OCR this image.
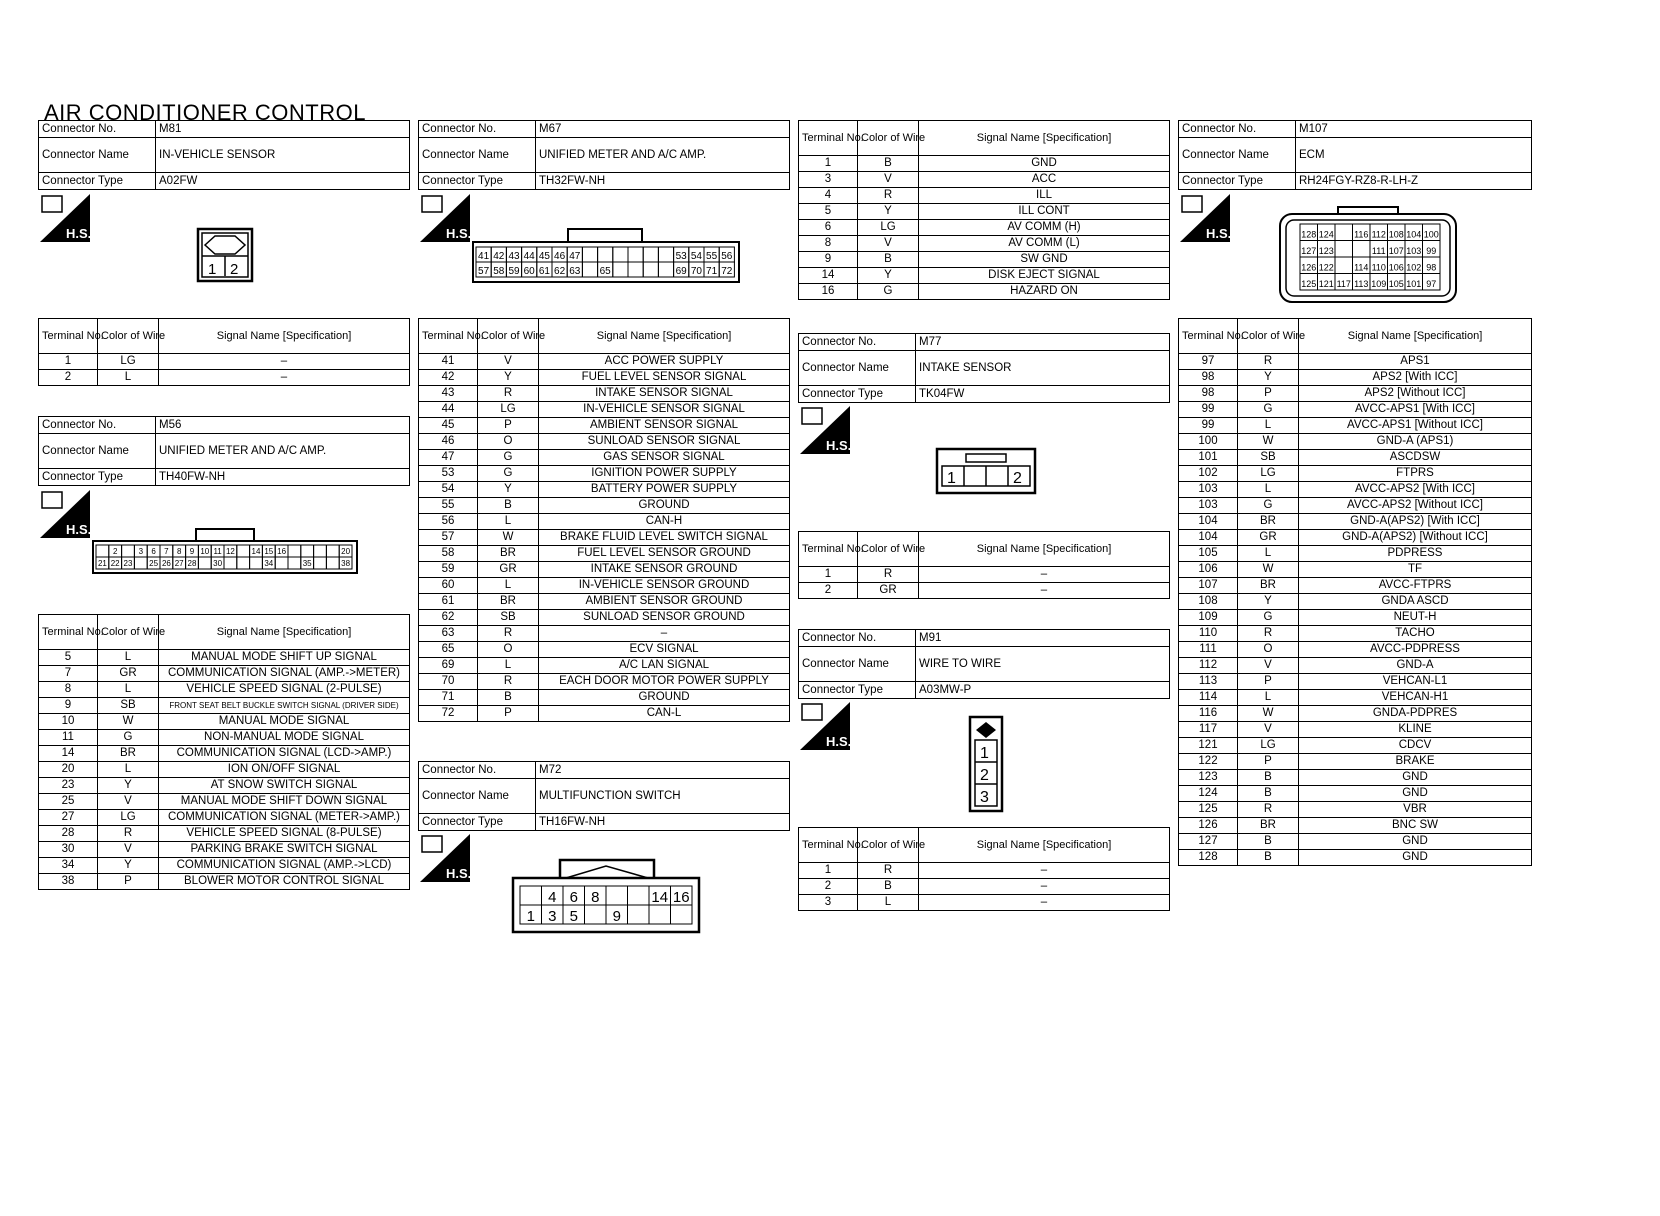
AIR CONDITIONER CONTROL
Connector No.	M81
Connector Name	IN-VEHICLE SENSOR
Connector Type	A02FW
H.S.
1 2
Terminal No.	Color of Wire	Signal Name [Specification]
1	LG	–
2	L	–
Connector No.	M56
Connector Name	UNIFIED METER AND A/C AMP.
Connector Type	TH40FW-NH
H.S.
2	3 6 7 8 9 10 11 12 14 15 16	20
21 22 23 25 26 27 28 30	34	35	38
Terminal No.	Color of Wire	Signal Name [Specification]
5	L	MANUAL MODE SHIFT UP SIGNAL
7	GR	COMMUNICATION SIGNAL (AMP.->METER)
8	L	VEHICLE SPEED SIGNAL (2-PULSE)
9	SB	FRONT SEAT BELT BUCKLE SWITCH SIGNAL (DRIVER SIDE)
10	W	MANUAL MODE SIGNAL
11	G	NON-MANUAL MODE SIGNAL
14	BR	COMMUNICATION SIGNAL (LCD->AMP.)
20	L	ION ON/OFF SIGNAL
23	Y	AT SNOW SWITCH SIGNAL
25	V	MANUAL MODE SHIFT DOWN SIGNAL
27	LG	COMMUNICATION SIGNAL (METER->AMP.)
28	R	VEHICLE SPEED SIGNAL (8-PULSE)
30	V	PARKING BRAKE SWITCH SIGNAL
34	Y	COMMUNICATION SIGNAL (AMP.->LCD)
38	P	BLOWER MOTOR CONTROL SIGNAL
Connector No.	M67
Connector Name	UNIFIED METER AND A/C AMP.
Connector Type	TH32FW-NH
H.S.
41 42 43 44 45 46 47	53 54 55 56
57 58 59 60 61 62 63 65	69 70 71 72
Terminal No.	Color of Wire	Signal Name [Specification]
41	V	ACC POWER SUPPLY
42	Y	FUEL LEVEL SENSOR SIGNAL
43	R	INTAKE SENSOR SIGNAL
44	LG	IN-VEHICLE SENSOR SIGNAL
45	P	AMBIENT SENSOR SIGNAL
46	O	SUNLOAD SENSOR SIGNAL
47	G	GAS SENSOR SIGNAL
53	G	IGNITION POWER SUPPLY
54	Y	BATTERY POWER SUPPLY
55	B	GROUND
56	L	CAN-H
57	W	BRAKE FLUID LEVEL SWITCH SIGNAL
58	BR	FUEL LEVEL SENSOR GROUND
59	GR	INTAKE SENSOR GROUND
60	L	IN-VEHICLE SENSOR GROUND
61	BR	AMBIENT SENSOR GROUND
62	SB	SUNLOAD SENSOR GROUND
63	R	–
65	O	ECV SIGNAL
69	L	A/C LAN SIGNAL
70	R	EACH DOOR MOTOR POWER SUPPLY
71	B	GROUND
72	P	CAN-L
Connector No.	M72
Connector Name	MULTIFUNCTION SWITCH
Connector Type	TH16FW-NH
H.S.
4 6 8	14 16
1 3 5 9
Terminal No.	Color of Wire	Signal Name [Specification]
1	B	GND
3	V	ACC
4	R	ILL
5	Y	ILL CONT
6	LG	AV COMM (H)
8	V	AV COMM (L)
9	B	SW GND
14	Y	DISK EJECT SIGNAL
16	G	HAZARD ON
Connector No.	M77
Connector Name	INTAKE SENSOR
Connector Type	TK04FW
H.S.
1	2
Terminal No.	Color of Wire	Signal Name [Specification]
1	R	–
2	GR	–
Connector No.	M91
Connector Name	WIRE TO WIRE
Connector Type	A03MW-P
H.S.
1
2
3
Terminal No.	Color of Wire	Signal Name [Specification]
1	R	–
2	B	–
3	L	–
Connector No.	M107
Connector Name	ECM
Connector Type	RH24FGY-RZ8-R-LH-Z
H.S.	128 124 116 112 108 104 100
127 123	111 107 103 99
126 122 114 110 106 102 98
125 121 117 113 109 105 101 97
Terminal No.	Color of Wire	Signal Name [Specification]
97	R	APS1
98	Y	APS2 [With ICC]
98	P	APS2 [Without ICC]
99	G	AVCC-APS1 [With ICC]
99	L	AVCC-APS1 [Without ICC]
100	W	GND-A (APS1)
101	SB	ASCDSW
102	LG	FTPRS
103	L	AVCC-APS2 [With ICC]
103	G	AVCC-APS2 [Without ICC]
104	BR	GND-A(APS2) [With ICC]
104	GR	GND-A(APS2) [Without ICC]
105	L	PDPRESS
106	W	TF
107	BR	AVCC-FTPRS
108	Y	GNDA ASCD
109	G	NEUT-H
110	R	TACHO
111	O	AVCC-PDPRESS
112	V	GND-A
113	P	VEHCAN-L1
114	L	VEHCAN-H1
116	W	GNDA-PDPRES
117	V	KLINE
121	LG	CDCV
122	P	BRAKE
123	B	GND
124	B	GND
125	R	VBR
126	BR	BNC SW
127	B	GND
128	B	GND
